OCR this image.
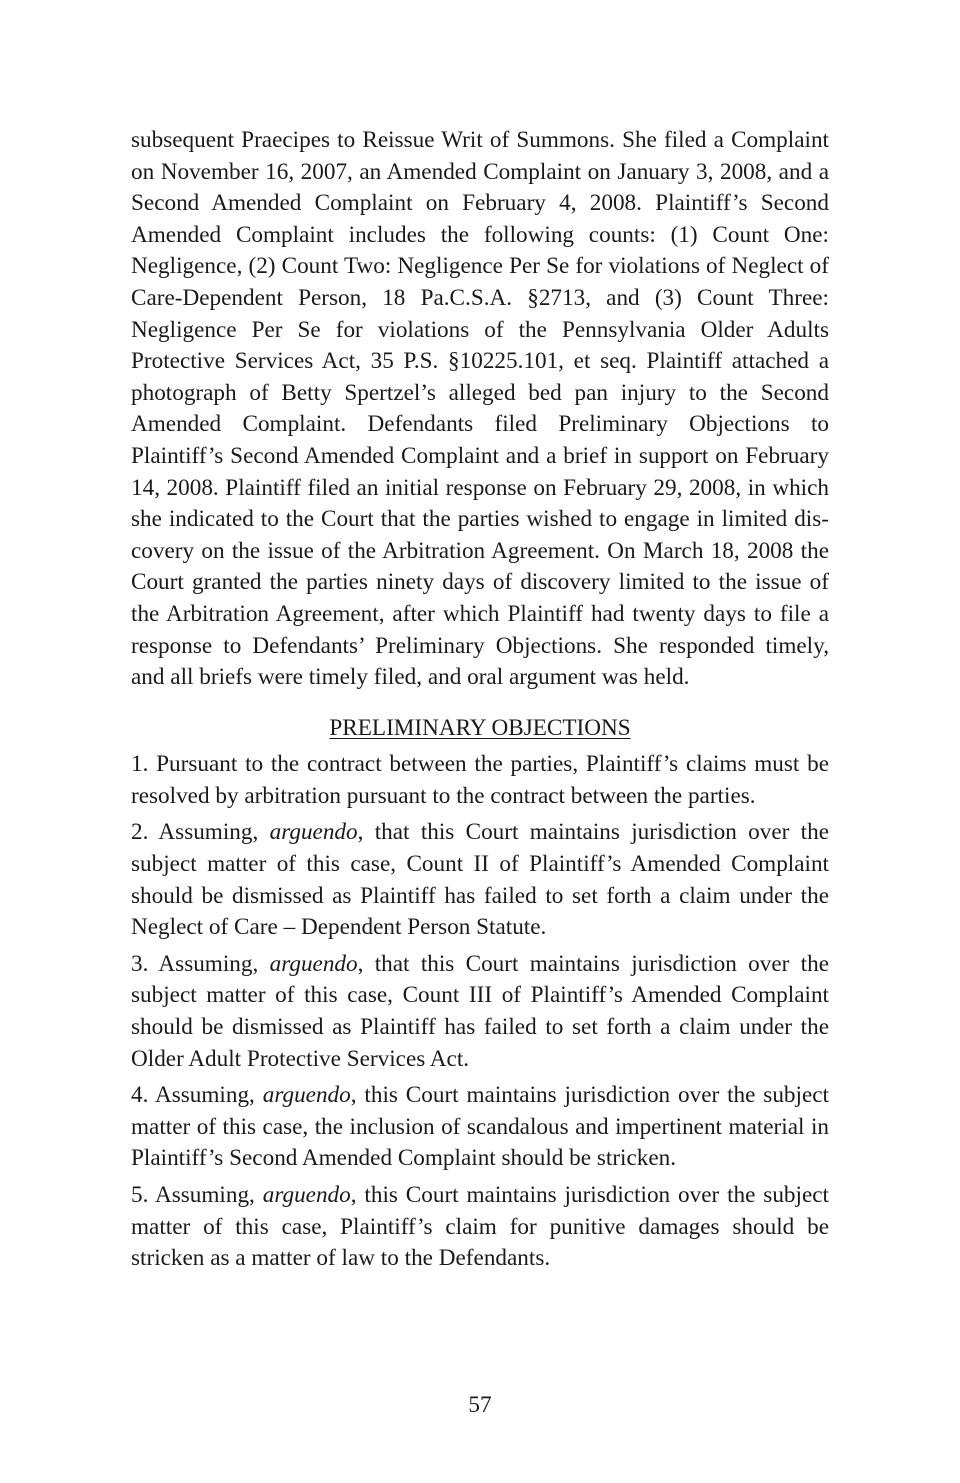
subsequent Praecipes to Reissue Writ of Summons. She filed a Complaint on November 16, 2007, an Amended Complaint on January 3, 2008, and a Second Amended Complaint on February 4, 2008. Plaintiff’s Second Amended Complaint includes the following counts: (1) Count One: Negligence, (2) Count Two: Negligence Per Se for violations of Neglect of Care-Dependent Person, 18 Pa.C.S.A. §2713, and (3) Count Three: Negligence Per Se for violations of the Pennsylvania Older Adults Protective Services Act, 35 P.S. §10225.101, et seq. Plaintiff attached a photograph of Betty Spertzel’s alleged bed pan injury to the Second Amended Complaint. Defendants filed Preliminary Objections to Plaintiff’s Second Amended Complaint and a brief in support on February 14, 2008. Plaintiff filed an initial response on February 29, 2008, in which she indicated to the Court that the parties wished to engage in limited discovery on the issue of the Arbitration Agreement. On March 18, 2008 the Court granted the parties ninety days of discovery limited to the issue of the Arbitration Agreement, after which Plaintiff had twenty days to file a response to Defendants’ Preliminary Objections. She responded timely, and all briefs were timely filed, and oral argument was held.

PRELIMINARY OBJECTIONS

1. Pursuant to the contract between the parties, Plaintiff’s claims must be resolved by arbitration pursuant to the contract between the parties.

2. Assuming, arguendo, that this Court maintains jurisdiction over the subject matter of this case, Count II of Plaintiff’s Amended Complaint should be dismissed as Plaintiff has failed to set forth a claim under the Neglect of Care – Dependent Person Statute.

3. Assuming, arguendo, that this Court maintains jurisdiction over the subject matter of this case, Count III of Plaintiff’s Amended Complaint should be dismissed as Plaintiff has failed to set forth a claim under the Older Adult Protective Services Act.

4. Assuming, arguendo, this Court maintains jurisdiction over the subject matter of this case, the inclusion of scandalous and impertinent material in Plaintiff’s Second Amended Complaint should be stricken.

5. Assuming, arguendo, this Court maintains jurisdiction over the subject matter of this case, Plaintiff’s claim for punitive damages should be stricken as a matter of law to the Defendants.

57
